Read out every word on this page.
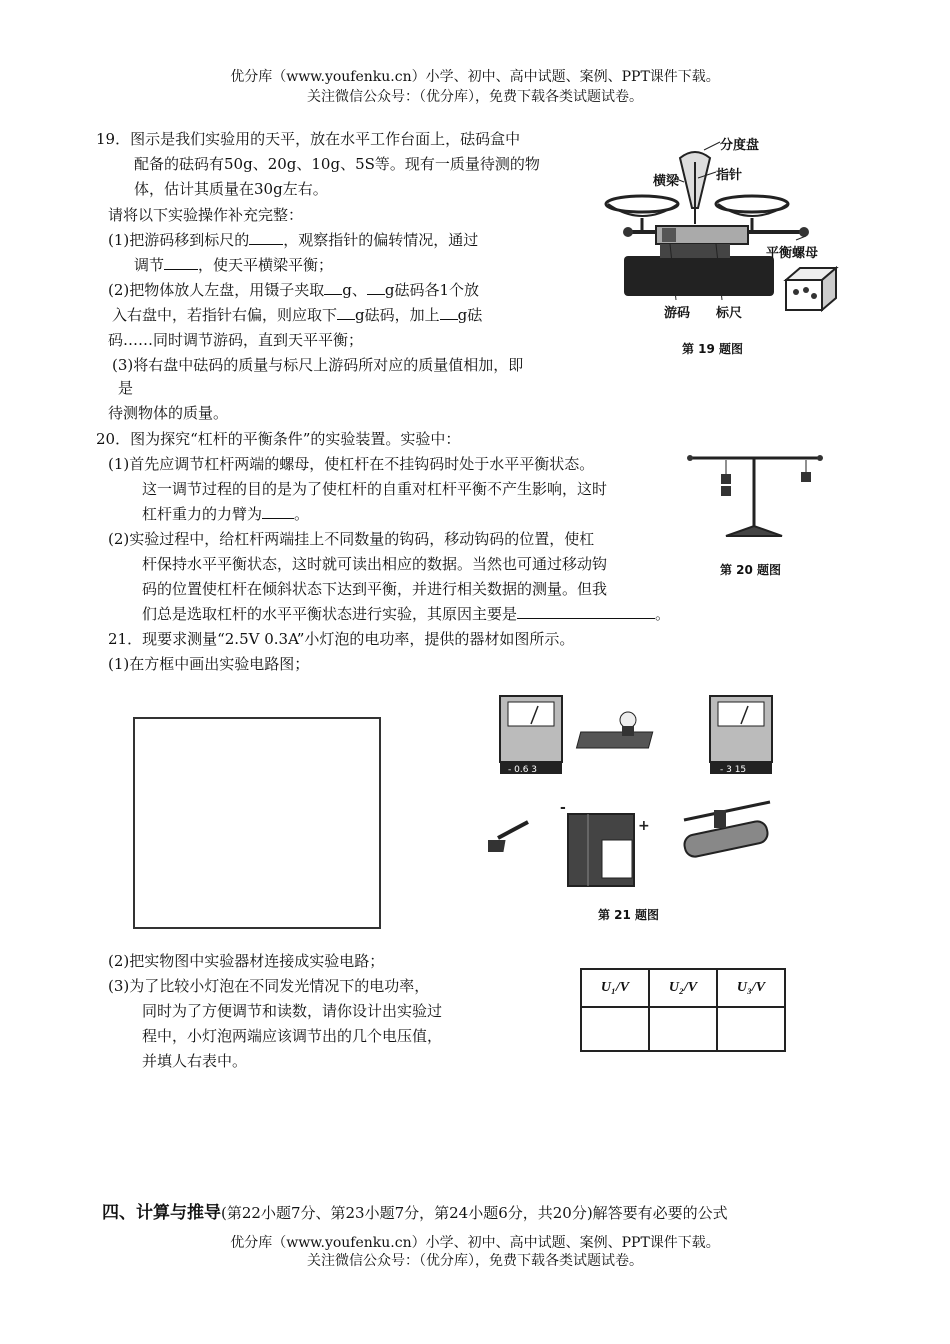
优分库（www.youfenku.cn）小学、初中、高中试题、案例、PPT课件下载。
关注微信公众号：（优分库），免费下载各类试题试卷。
19．图示是我们实验用的天平，放在水平工作台面上，砝码盒中
配备的砝码有50g、20g、10g、5S等。现有一质量待测的物
体，估计其质量在30g左右。
请将以下实验操作补充完整：
(1)把游码移到标尺的 ，观察指针的偏转情况，通过
调节 ，使天平横梁平衡；
(2)把物体放人左盘，用镊子夹取 g、 g砝码各1个放
入右盘中，若指针右偏，则应取下 g砝码，加上 g砝
码……同时调节游码，直到天平平衡；
(3)将右盘中砝码的质量与标尺上游码所对应的质量值相加，即
是
待测物体的质量。
分度盘
横梁	指针
平衡螺母
游码 标尺
第 19 题图
20．图为探究“杠杆的平衡条件”的实验装置。实验中：
(1)首先应调节杠杆两端的螺母，使杠杆在不挂钩码时处于水平平衡状态。
这一调节过程的目的是为了使杠杆的自重对杠杆平衡不产生影响，这时
杠杆重力的力臂为 。
(2)实验过程中，给杠杆两端挂上不同数量的钩码，移动钩码的位置，使杠
杆保持水平平衡状态，这时就可读出相应的数据。当然也可通过移动钩
码的位置使杠杆在倾斜状态下达到平衡，并进行相关数据的测量。但我
们总是选取杠杆的水平平衡状态进行实验，其原因主要是	。
第 20 题图
21．现要求测量“2.5V 0.3A”小灯泡的电功率，提供的器材如图所示。
(1)在方框中画出实验电路图；
- 0.6 3	- 3 15
-
+
第 21 题图
(2)把实物图中实验器材连接成实验电路；
(3)为了比较小灯泡在不同发光情况下的电功率，
同时为了方便调节和读数，请你设计出实验过
程中，小灯泡两端应该调节出的几个电压值，
并填人右表中。
U₁/V	U₂/V	U₃/V

四、计算与推导(第22小题7分、第23小题7分，第24小题6分，共20分)解答要有必要的公式
优分库（www.youfenku.cn）小学、初中、高中试题、案例、PPT课件下载。
关注微信公众号：（优分库），免费下载各类试题试卷。
